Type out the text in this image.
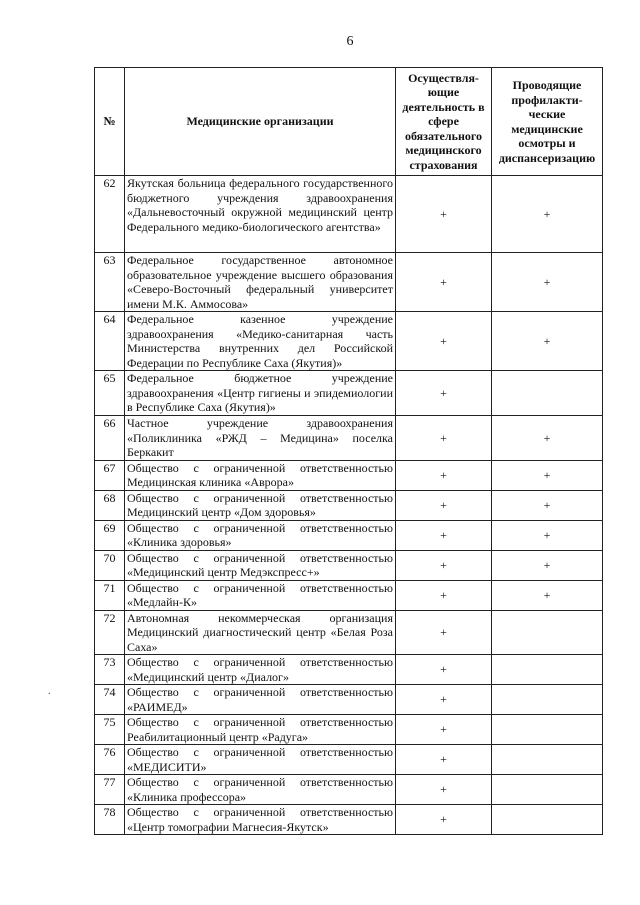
6
.
№	Медицинские организации	Осуществля-ющие деятельность в сфере обязательного медицинского страхования	Проводящие профилакти-ческие медицинские осмотры и диспансеризацию
62	Якутская больница федерального государственного бюджетного учреждения здравоохранения «Дальневосточный окружной медицинский центр Федерального медико-биологического агентства»	+	+
63	Федеральное государственное автономное образовательное учреждение высшего образования «Северо-Восточный федеральный университет имени М.К. Аммосова»	+	+
64	Федеральное казенное учреждение здравоохранения «Медико-санитарная часть Министерства внутренних дел Российской Федерации по Республике Саха (Якутия)»	+	+
65	Федеральное бюджетное учреждение здравоохранения «Центр гигиены и эпидемиологии в Республике Саха (Якутия)»	+	
66	Частное учреждение здравоохранения «Поликлиника «РЖД – Медицина» поселка Беркакит	+	+
67	Общество с ограниченной ответственностью Медицинская клиника «Аврора»	+	+
68	Общество с ограниченной ответственностью Медицинский центр «Дом здоровья»	+	+
69	Общество с ограниченной ответственностью «Клиника здоровья»	+	+
70	Общество с ограниченной ответственностью «Медицинский центр Медэкспресс+»	+	+
71	Общество с ограниченной ответственностью «Медлайн-К»	+	+
72	Автономная некоммерческая организация Медицинский диагностический центр «Белая Роза Саха»	+	
73	Общество с ограниченной ответственностью «Медицинский центр «Диалог»	+	
74	Общество с ограниченной ответственностью «РАИМЕД»	+	
75	Общество с ограниченной ответственностью Реабилитационный центр «Радуга»	+	
76	Общество с ограниченной ответственностью «МЕДИСИТИ»	+	
77	Общество с ограниченной ответственностью «Клиника профессора»	+	
78	Общество с ограниченной ответственностью «Центр томографии Магнесия-Якутск»	+	
